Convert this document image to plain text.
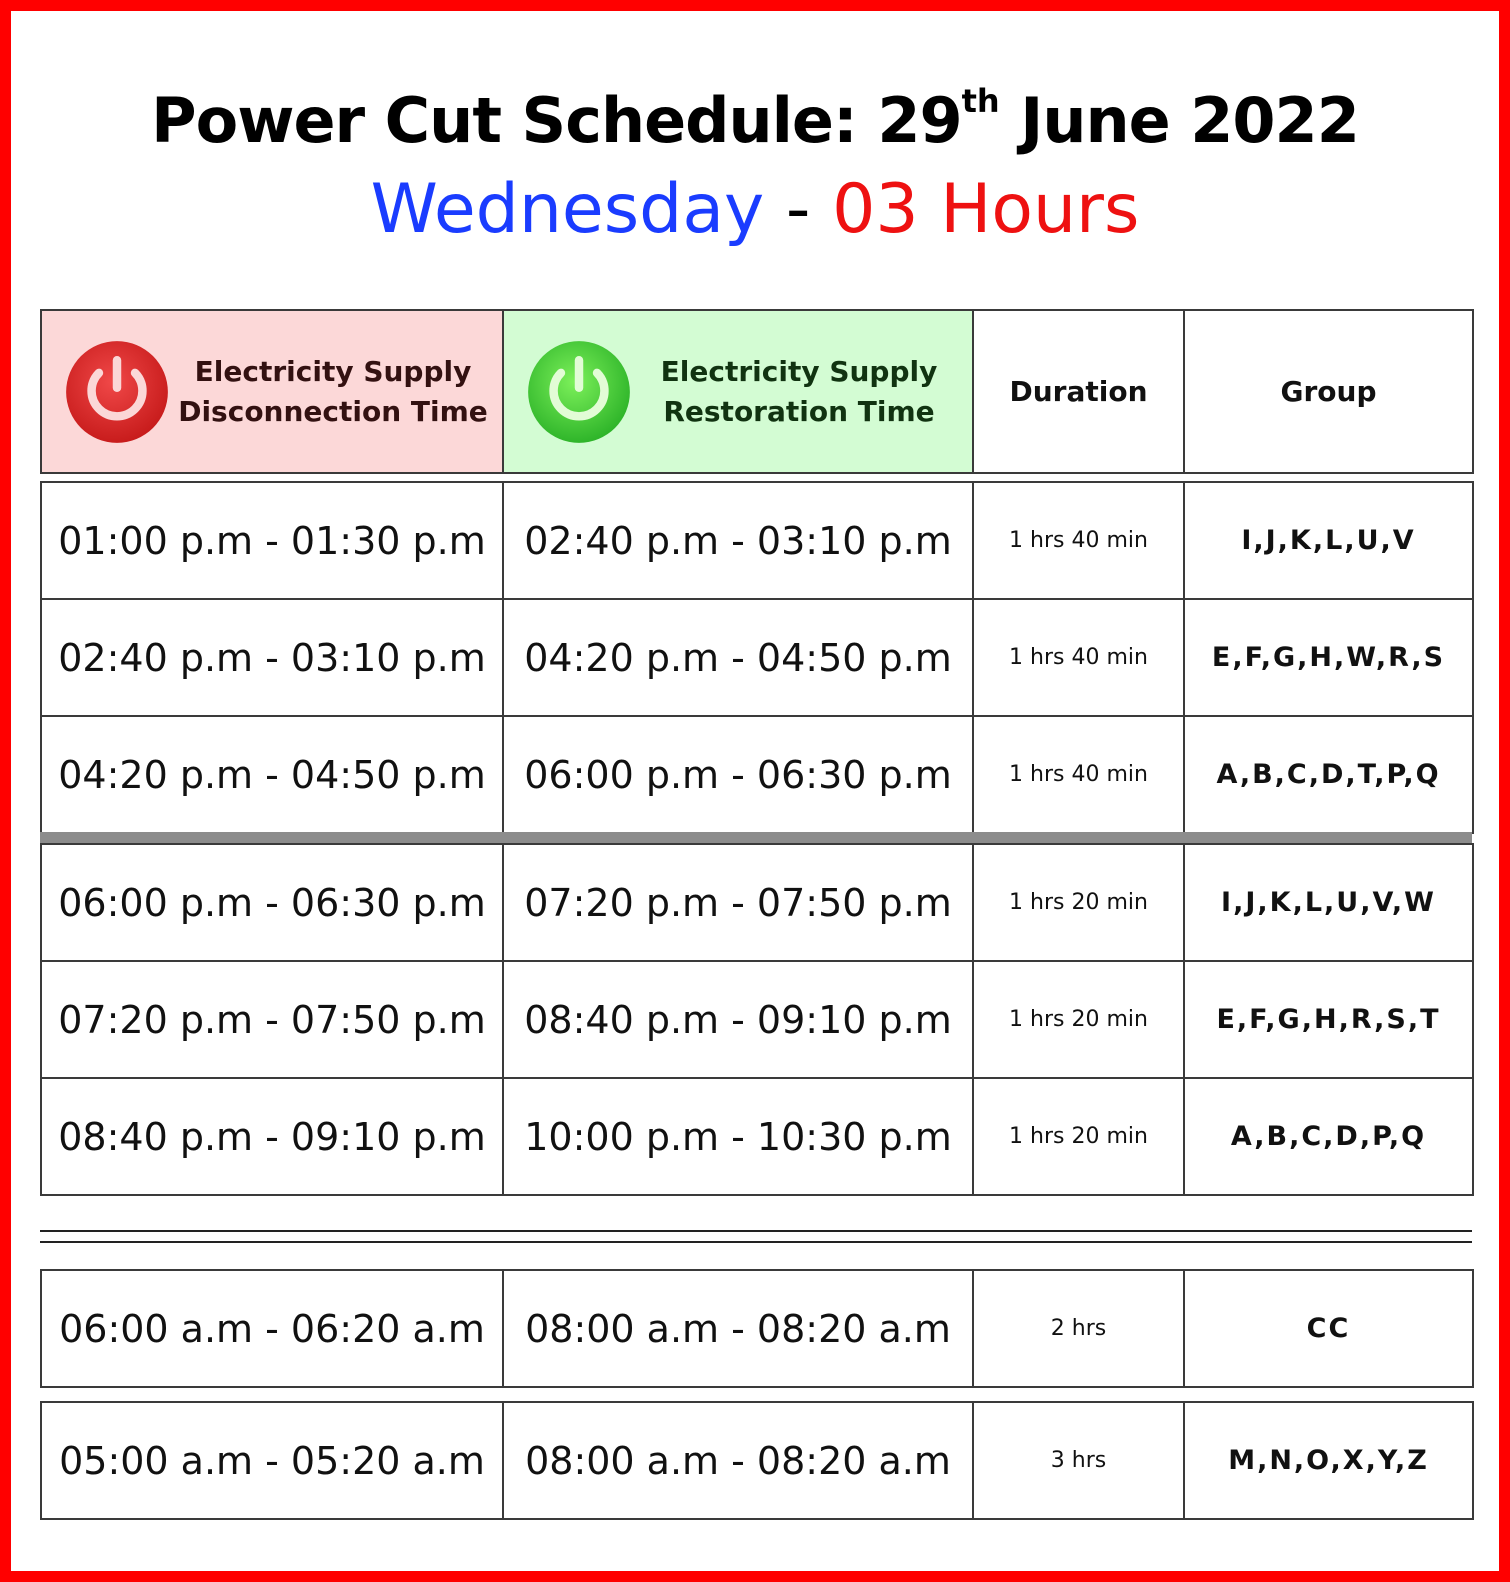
Power Cut Schedule: 29th June 2022
Wednesday - 03 Hours
Electricity Supply
Disconnection Time

Electricity Supply
Restoration Time
	Duration	Group
01:00 p.m - 01:30 p.m	02:40 p.m - 03:10 p.m	1 hrs 40 min	I,J,K,L,U,V
02:40 p.m - 03:10 p.m	04:20 p.m - 04:50 p.m	1 hrs 40 min	E,F,G,H,W,R,S
04:20 p.m - 04:50 p.m	06:00 p.m - 06:30 p.m	1 hrs 40 min	A,B,C,D,T,P,Q
06:00 p.m - 06:30 p.m	07:20 p.m - 07:50 p.m	1 hrs 20 min	I,J,K,L,U,V,W
07:20 p.m - 07:50 p.m	08:40 p.m - 09:10 p.m	1 hrs 20 min	E,F,G,H,R,S,T
08:40 p.m - 09:10 p.m	10:00 p.m - 10:30 p.m	1 hrs 20 min	A,B,C,D,P,Q
06:00 a.m - 06:20 a.m	08:00 a.m - 08:20 a.m	2 hrs	CC
05:00 a.m - 05:20 a.m	08:00 a.m - 08:20 a.m	3 hrs	M,N,O,X,Y,Z
